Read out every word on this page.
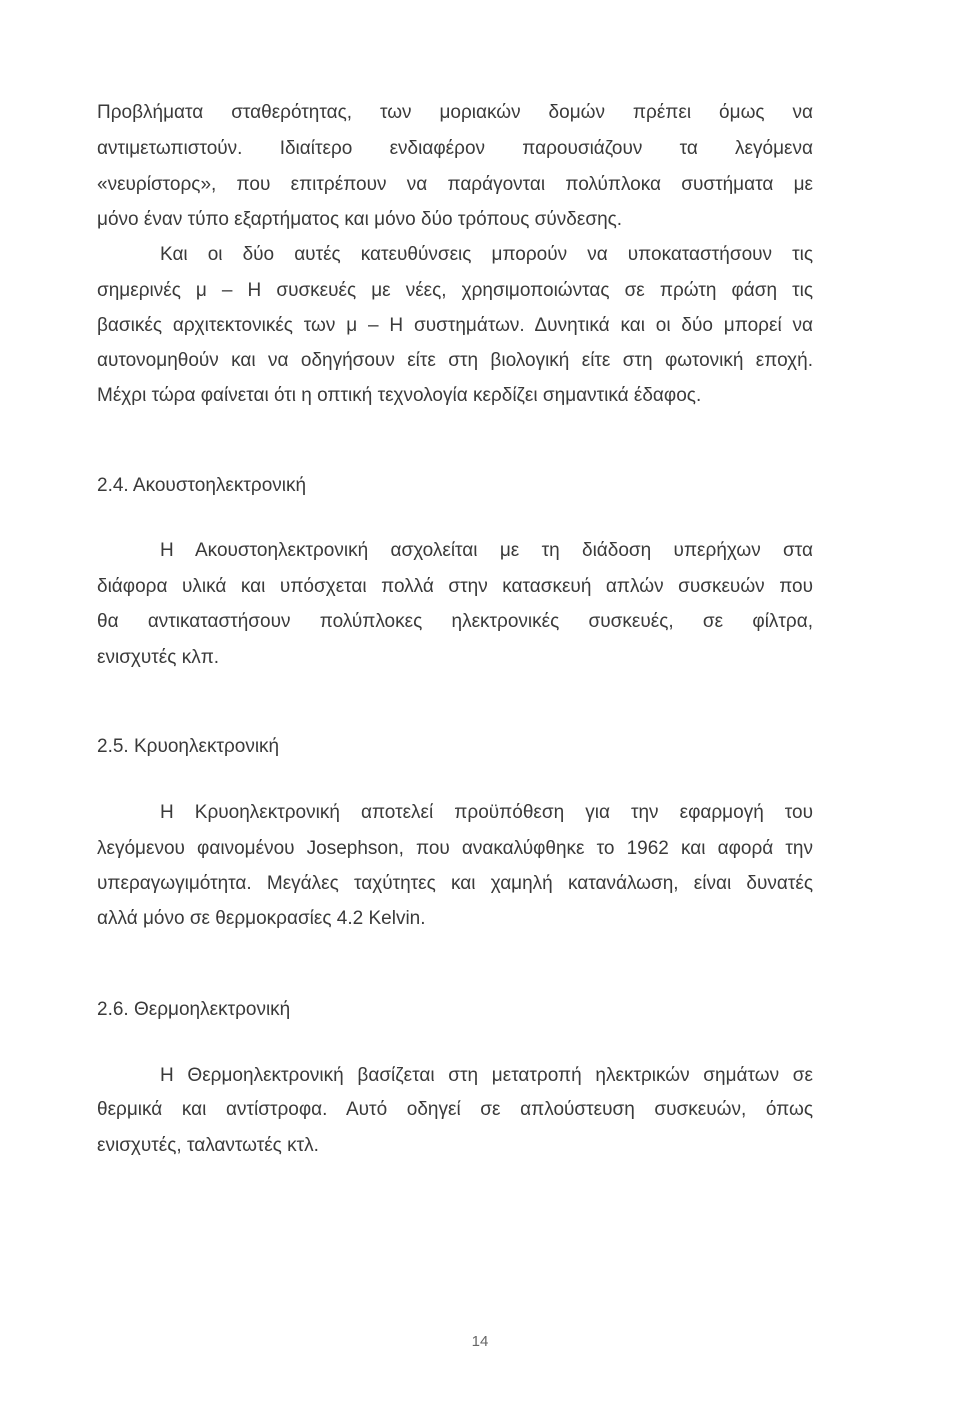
Προβλήματα σταθερότητας, των μοριακών δομών πρέπει όμως να
αντιμετωπιστούν. Ιδιαίτερο ενδιαφέρον παρουσιάζουν τα λεγόμενα
«νευρίστορς», που επιτρέπουν να παράγονται πολύπλοκα συστήματα με
μόνο έναν τύπο εξαρτήματος και μόνο δύο τρόπους σύνδεσης.
Και οι δύο αυτές κατευθύνσεις μπορούν να υποκαταστήσουν τις
σημερινές μ – Η συσκευές με νέες, χρησιμοποιώντας σε πρώτη φάση τις
βασικές αρχιτεκτονικές των μ – Η συστημάτων. Δυνητικά και οι δύο μπορεί να
αυτονομηθούν και να οδηγήσουν είτε στη βιολογική είτε στη φωτονική εποχή.
Μέχρι τώρα φαίνεται ότι η οπτική τεχνολογία κερδίζει σημαντικά έδαφος.
2.4. Ακουστοηλεκτρονική
Η Ακουστοηλεκτρονική ασχολείται με τη διάδοση υπερήχων στα
διάφορα υλικά και υπόσχεται πολλά στην κατασκευή απλών συσκευών που
θα αντικαταστήσουν πολύπλοκες ηλεκτρονικές συσκευές, σε φίλτρα,
ενισχυτές κλπ.
2.5. Κρυοηλεκτρονική
Η Κρυοηλεκτρονική αποτελεί προϋπόθεση για την εφαρμογή του
λεγόμενου φαινομένου Josephson, που ανακαλύφθηκε το 1962 και αφορά την
υπεραγωγιμότητα. Μεγάλες ταχύτητες και χαμηλή κατανάλωση, είναι δυνατές
αλλά μόνο σε θερμοκρασίες 4.2 Kelvin.
2.6. Θερμοηλεκτρονική
Η Θερμοηλεκτρονική βασίζεται στη μετατροπή ηλεκτρικών σημάτων σε
θερμικά και αντίστροφα. Αυτό οδηγεί σε απλούστευση συσκευών, όπως
ενισχυτές, ταλαντωτές κτλ.
14
